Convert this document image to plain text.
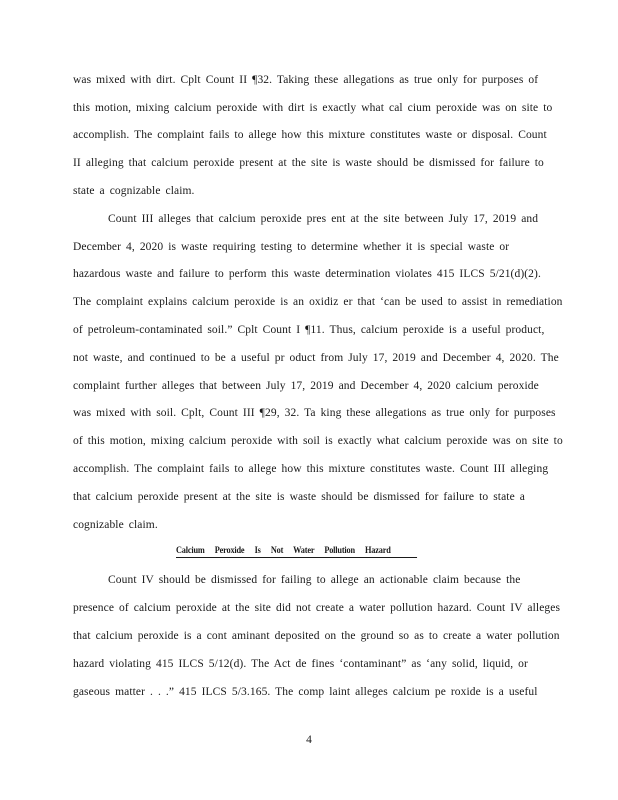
was mixed with dirt. Cplt Count II ¶32. Taking these allegations as true only for purposes of
this motion, mixing calcium peroxide with dirt is exactly what cal cium peroxide was on site to
accomplish. The complaint fails to allege how this mixture constitutes waste or disposal. Count
II alleging that calcium peroxide present at the site is waste should be dismissed for failure to
state a cognizable claim.
Count III alleges that calcium peroxide pres ent at the site between July 17, 2019 and
December 4, 2020 is waste requiring testing to determine whether it is special waste or
hazardous waste and failure to perform this waste determination violates 415 ILCS 5/21(d)(2).
The complaint explains calcium peroxide is an oxidiz er that ‘can be used to assist in remediation
of petroleum-contaminated soil.” Cplt Count I ¶11. Thus, calcium peroxide is a useful product,
not waste, and continued to be a useful pr oduct from July 17, 2019 and December 4, 2020. The
complaint further alleges that between July 17, 2019 and December 4, 2020 calcium peroxide
was mixed with soil. Cplt, Count III ¶29, 32. Ta king these allegations as true only for purposes
of this motion, mixing calcium peroxide with soil is exactly what calcium peroxide was on site to
accomplish. The complaint fails to allege how this mixture constitutes waste. Count III alleging
that calcium peroxide present at the site is waste should be dismissed for failure to state a
cognizable claim.
Calcium Peroxide Is Not Water Pollution Hazard
Count IV should be dismissed for failing to allege an actionable claim because the
presence of calcium peroxide at the site did not create a water pollution hazard. Count IV alleges
that calcium peroxide is a cont aminant deposited on the ground so as to create a water pollution
hazard violating 415 ILCS 5/12(d). The Act de fines ‘contaminant” as ‘any solid, liquid, or
gaseous matter . . .” 415 ILCS 5/3.165. The comp laint alleges calcium pe roxide is a useful
4
